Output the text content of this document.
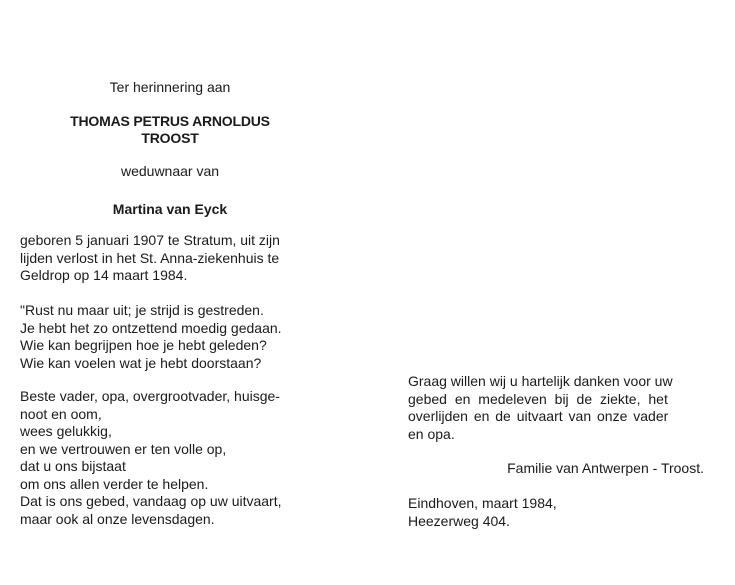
Ter herinnering aan
THOMAS PETRUS ARNOLDUS
TROOST
weduwnaar van
Martina van Eyck
geboren 5 januari 1907 te Stratum, uit zijn
lijden verlost in het St. Anna-ziekenhuis te
Geldrop op 14 maart 1984.
"Rust nu maar uit; je strijd is gestreden.
Je hebt het zo ontzettend moedig gedaan.
Wie kan begrijpen hoe je hebt geleden?
Wie kan voelen wat je hebt doorstaan?
Beste vader, opa, overgrootvader, huisge-
noot en oom,
wees gelukkig,
en we vertrouwen er ten volle op,
dat u ons bijstaat
om ons allen verder te helpen.
Dat is ons gebed, vandaag op uw uitvaart,
maar ook al onze levensdagen.
Graag willen wij u hartelijk danken voor uw
gebed en medeleven bij de ziekte, het
overlijden en de uitvaart van onze vader
en opa.
Familie van Antwerpen - Troost.
Eindhoven, maart 1984,
Heezerweg 404.
